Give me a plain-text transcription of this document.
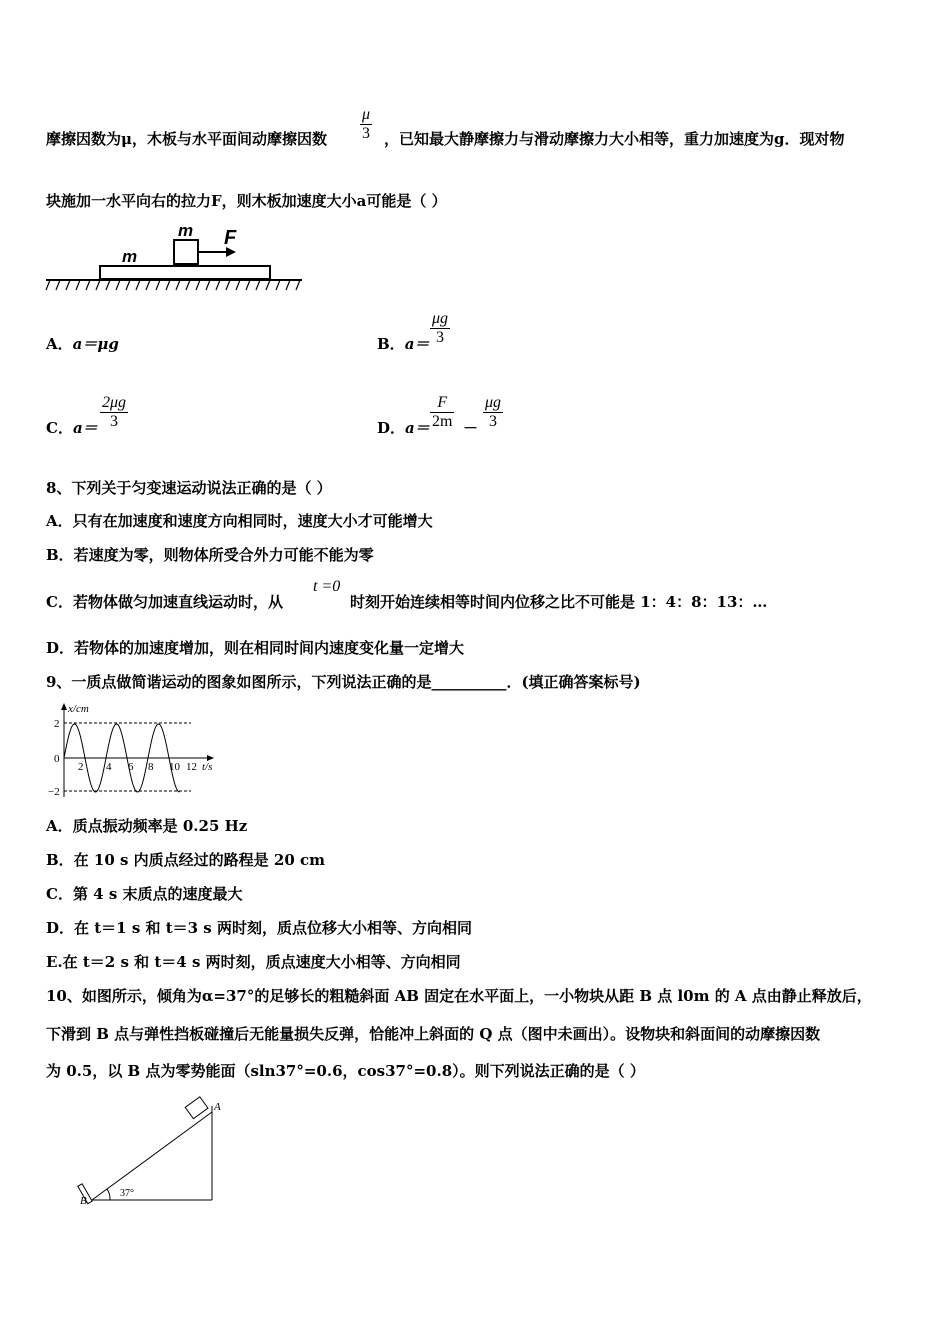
摩擦因数为μ，木板与水平面间动摩擦因数 $\frac{\mu}{3}$ ，已知最大静摩擦力与滑动摩擦力大小相等，重力加速度为g．现对物
块施加一水平向右的拉力F，则木板加速度大小a可能是（ ）
m F
m
A．a＝μg	B．$a= \frac{\mu g}{3}$
C．$a= \frac{2\mu g}{3}$	D．$a= \frac{F}{2m} - \frac{\mu g}{3}$
8、下列关于匀变速运动说法正确的是（ ）
A．只有在加速度和速度方向相同时，速度大小才可能增大
B．若速度为零，则物体所受合外力可能不能为零
C．若物体做匀加速直线运动时，从
t =0
时刻开始连续相等时间内位移之比不可能是 1：4：8：13：…
D．若物体的加速度增加，则在相同时间内速度变化量一定增大
9、一质点做简谐运动的图象如图所示，下列说法正确的是__________．(填正确答案标号)
x/cm
t/s
2
0
−2
2 4 6 8 10 12
A．质点振动频率是 0.25 Hz
B．在 10 s 内质点经过的路程是 20 cm
C．第 4 s 末质点的速度最大
D．在 t＝1 s 和 t＝3 s 两时刻，质点位移大小相等、方向相同
E.在 t＝2 s 和 t＝4 s 两时刻，质点速度大小相等、方向相同
10、如图所示，倾角为α=37°的足够长的粗糙斜面 AB 固定在水平面上，一小物块从距 B 点 l0m 的 A 点由静止释放后，
下滑到 B 点与弹性挡板碰撞后无能量损失反弹，恰能冲上斜面的 Q 点（图中未画出）。设物块和斜面间的动摩擦因数
为 0.5，以 B 点为零势能面（sln37°=0.6，cos37°=0.8）。则下列说法正确的是（ ）
A
B
37°
